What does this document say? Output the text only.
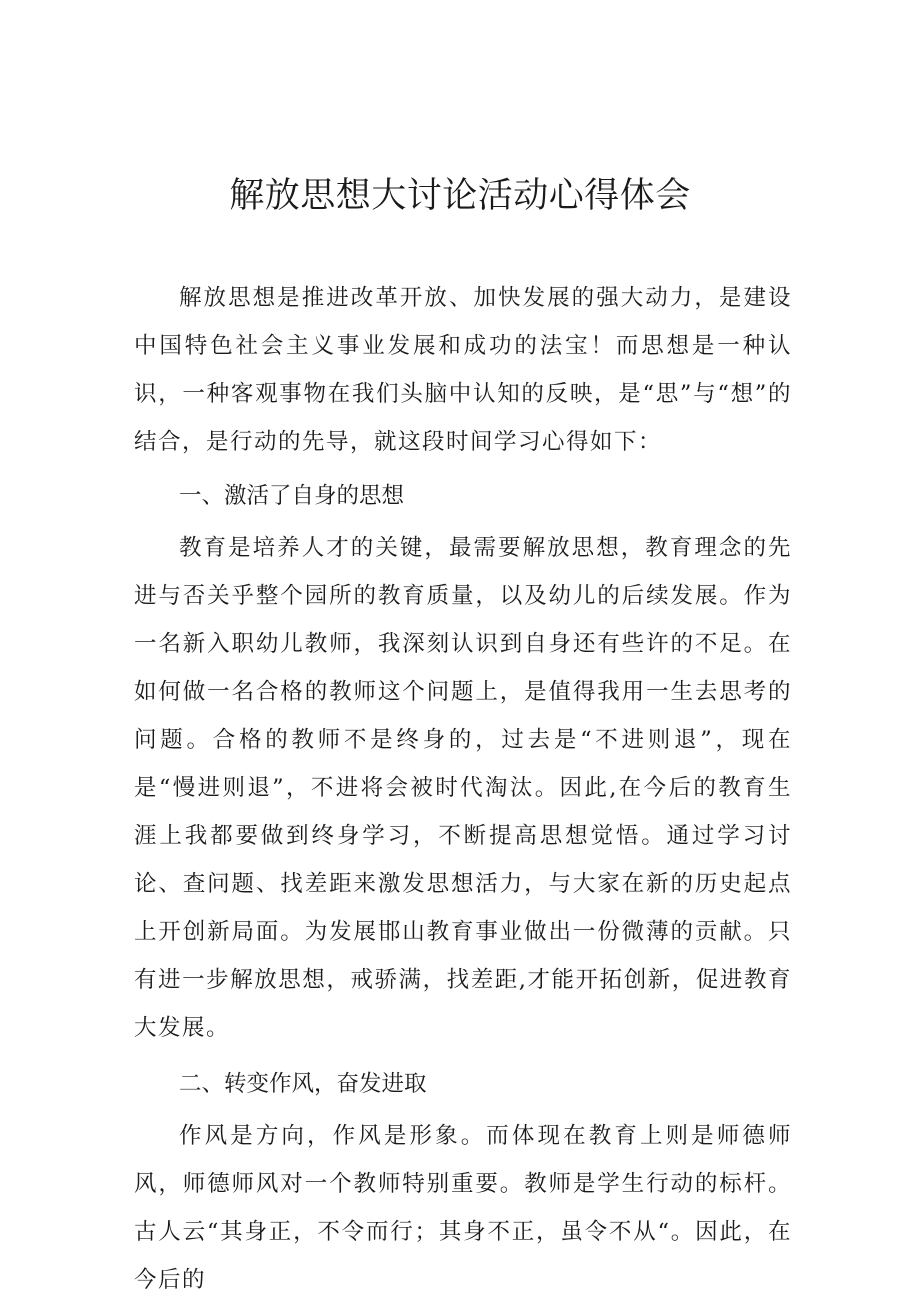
解放思想大讨论活动心得体会

解放思想是推进改革开放、加快发展的强大动力，是建设中国特色社会主义事业发展和成功的法宝！而思想是一种认识，一种客观事物在我们头脑中认知的反映，是“思”与“想”的结合，是行动的先导，就这段时间学习心得如下：

一、激活了自身的思想

教育是培养人才的关键，最需要解放思想，教育理念的先进与否关乎整个园所的教育质量，以及幼儿的后续发展。作为一名新入职幼儿教师，我深刻认识到自身还有些许的不足。在如何做一名合格的教师这个问题上，是值得我用一生去思考的问题。合格的教师不是终身的，过去是“不进则退”，现在是“慢进则退”，不进将会被时代淘汰。因此,在今后的教育生涯上我都要做到终身学习，不断提高思想觉悟。通过学习讨论、查问题、找差距来激发思想活力，与大家在新的历史起点上开创新局面。为发展邯山教育事业做出一份微薄的贡献。只有进一步解放思想，戒骄满，找差距,才能开拓创新，促进教育大发展。

二、转变作风，奋发进取

作风是方向，作风是形象。而体现在教育上则是师德师风，师德师风对一个教师特别重要。教师是学生行动的标杆。古人云“其身正，不令而行；其身不正，虽令不从“。因此，在今后的
